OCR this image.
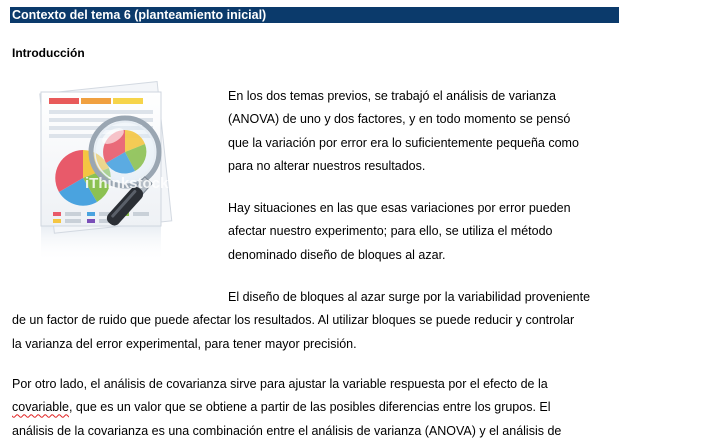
Contexto del tema 6 (planteamiento inicial)
Introducción
iThinkstock
En los dos temas previos, se trabajó el análisis de varianza
(ANOVA) de uno y dos factores, y en todo momento se pensó
que la variación por error era lo suficientemente pequeña como
para no alterar nuestros resultados.
Hay situaciones en las que esas variaciones por error pueden
afectar nuestro experimento; para ello, se utiliza el método
denominado diseño de bloques al azar.
El diseño de bloques al azar surge por la variabilidad proveniente
de un factor de ruido que puede afectar los resultados. Al utilizar bloques se puede reducir y controlar
la varianza del error experimental, para tener mayor precisión.
Por otro lado, el análisis de covarianza sirve para ajustar la variable respuesta por el efecto de la
covariable, que es un valor que se obtiene a partir de las posibles diferencias entre los grupos. El
análisis de la covarianza es una combinación entre el análisis de varianza (ANOVA) y el análisis de
